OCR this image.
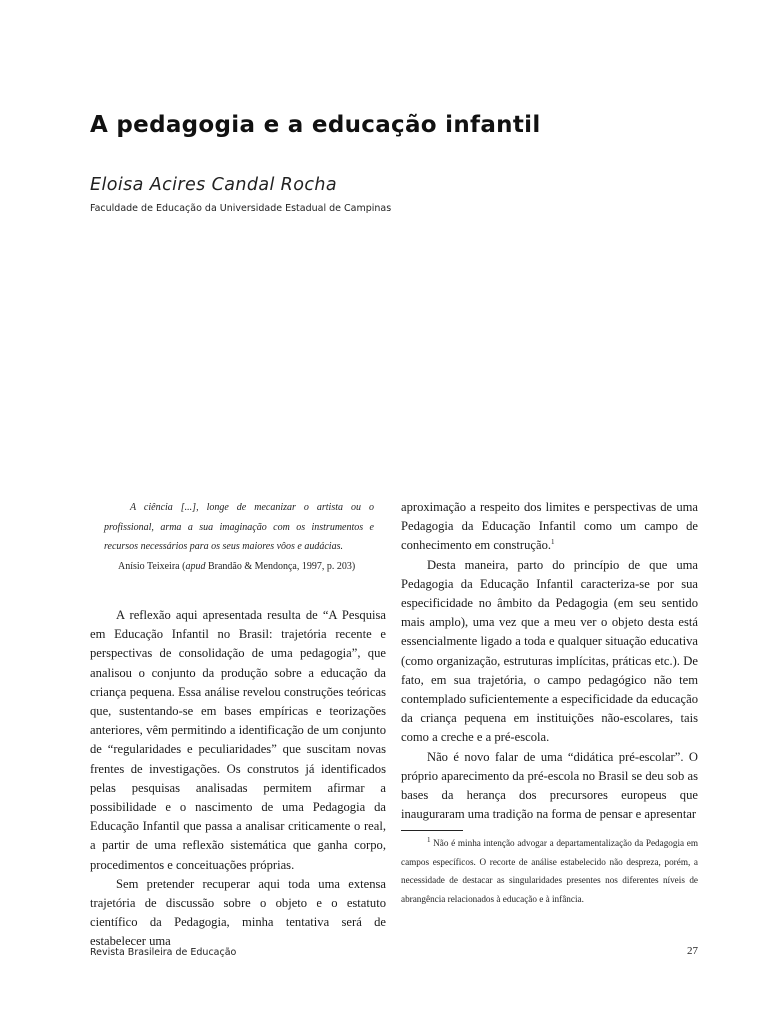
A pedagogia e a educação infantil
Eloisa Acires Candal Rocha
Faculdade de Educação da Universidade Estadual de Campinas

A ciência [...], longe de mecanizar o artista ou o profissional, arma a sua imaginação com os instrumentos e recursos necessários para os seus maiores vôos e audácias.

Anísio Teixeira (apud Brandão & Mendonça, 1997, p. 203)

A reflexão aqui apresentada resulta de “A Pesquisa em Educação Infantil no Brasil: trajetória recente e perspectivas de consolidação de uma pedagogia”, que analisou o conjunto da produção sobre a educação da criança pequena. Essa análise revelou construções teóricas que, sustentando-se em bases empíricas e teorizações anteriores, vêm permitindo a identificação de um conjunto de “regularidades e peculiaridades” que suscitam novas frentes de investigações. Os construtos já identificados pelas pesquisas analisadas permitem afirmar a possibilidade e o nascimento de uma Pedagogia da Educação Infantil que passa a analisar criticamente o real, a partir de uma reflexão sistemática que ganha corpo, procedimentos e conceituações próprias.

Sem pretender recuperar aqui toda uma extensa trajetória de discussão sobre o objeto e o estatuto científico da Pedagogia, minha tentativa será de estabelecer uma

aproximação a respeito dos limites e perspectivas de uma Pedagogia da Educação Infantil como um campo de conhecimento em construção.$^1$

Desta maneira, parto do princípio de que uma Pedagogia da Educação Infantil caracteriza-se por sua especificidade no âmbito da Pedagogia (em seu sentido mais amplo), uma vez que a meu ver o objeto desta está essencialmente ligado a toda e qualquer situação educativa (como organização, estruturas implícitas, práticas etc.). De fato, em sua trajetória, o campo pedagógico não tem contemplado suficientemente a especificidade da educação da criança pequena em instituições não-escolares, tais como a creche e a pré-escola.

Não é novo falar de uma “didática pré-escolar”. O próprio aparecimento da pré-escola no Brasil se deu sob as bases da herança dos precursores europeus que inauguraram uma tradição na forma de pensar e apresentar

$^1$ Não é minha intenção advogar a departamentalização da Pedagogia em campos específicos. O recorte de análise estabelecido não despreza, porém, a necessidade de destacar as singularidades presentes nos diferentes níveis de abrangência relacionados à educação e à infância.

Revista Brasileira de Educação	27
